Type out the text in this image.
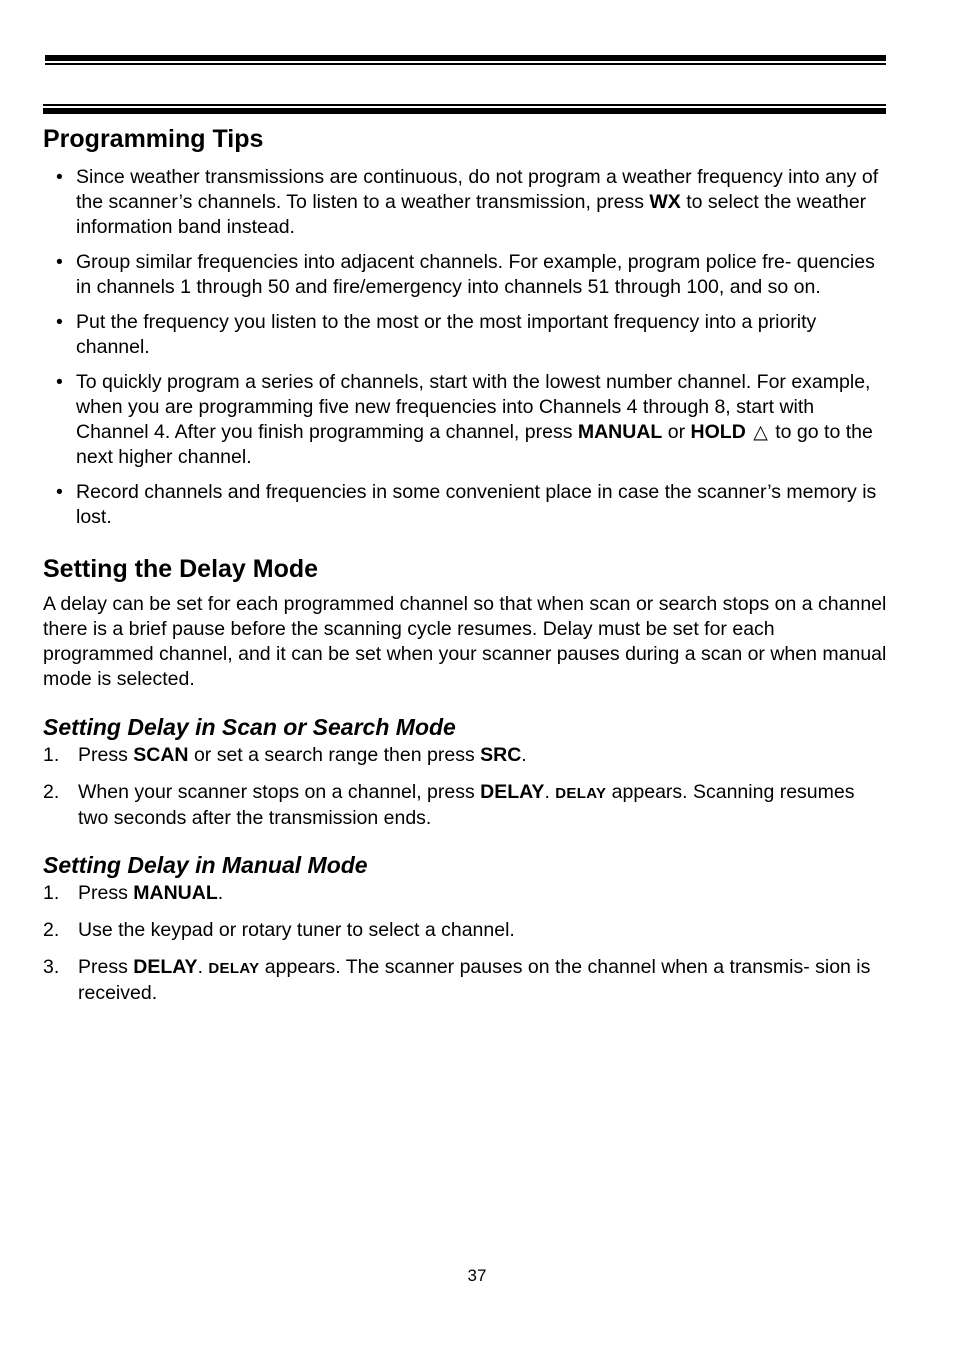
Programming Tips
• Since weather transmissions are continuous, do not program a weather frequency into any of the scanner’s channels. To listen to a weather transmission, press WX to select the weather information band instead.
• Group similar frequencies into adjacent channels. For example, program police fre- quencies in channels 1 through 50 and fire/emergency into channels 51 through 100, and so on.
• Put the frequency you listen to the most or the most important frequency into a priority channel.
• To quickly program a series of channels, start with the lowest number channel. For example, when you are programming five new frequencies into Channels 4 through 8, start with Channel 4. After you finish programming a channel, press MANUAL or HOLD △ to go to the next higher channel.
• Record channels and frequencies in some convenient place in case the scanner’s memory is lost.
Setting the Delay Mode

A delay can be set for each programmed channel so that when scan or search stops on a channel there is a brief pause before the scanning cycle resumes. Delay must be set for each programmed channel, and it can be set when your scanner pauses during a scan or when manual mode is selected.

Setting Delay in Scan or Search Mode
1. Press SCAN or set a search range then press SRC.
2. When your scanner stops on a channel, press DELAY. DELAY appears. Scanning resumes two seconds after the transmission ends.
Setting Delay in Manual Mode
1. Press MANUAL.
2. Use the keypad or rotary tuner to select a channel.
3. Press DELAY. DELAY appears. The scanner pauses on the channel when a transmis- sion is received.
37
